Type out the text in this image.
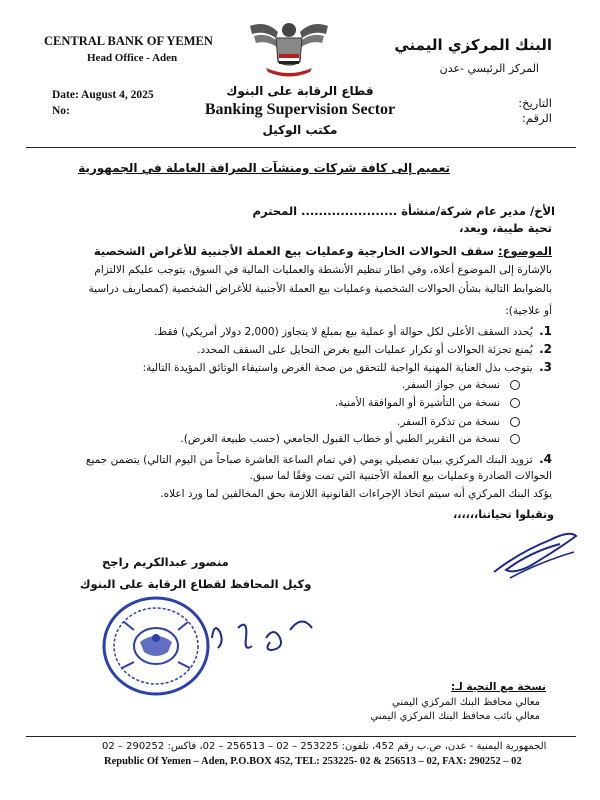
CENTRAL BANK OF YEMEN
Head Office - Aden
البنك المركزي اليمني
المركز الرئيسي -عدن
Date: August 4, 2025
No:
التاريخ:
الرقم:
قطاع الرقابة على البنوك
Banking Supervision Sector
مكتب الوكيل
تعميم إلى كافة شركات ومنشآت الصرافة العاملة في الجمهورية
الأخ/ مدير عام شركة/منشأة ...................... المحترم
تحية طيبة، وبعد،
الموضوع: سقف الحوالات الخارجية وعمليات بيع العملة الأجنبية للأغراض الشخصية
بالإشارة إلى الموضوع أعلاه، وفي اطار تنظيم الأنشطة والعمليات المالية في السوق، يتوجب عليكم الالتزام
بالضوابط التالية بشأن الحوالات الشخصية وعمليات بيع العملة الأجنبية للأغراض الشخصية (كمصاريف دراسية
أو علاجية):
1. يُحدد السقف الأعلى لكل حوالة أو عملية بيع بمبلغ لا يتجاوز (2,000 دولار أمريكي) فقط.
2. يُمنع تجزئة الحوالات أو تكرار عمليات البيع بغرض التحايل على السقف المحدد.
3. يتوجب بذل العناية المهنية الواجبة للتحقق من صحة الغرض واستيفاء الوثائق المؤيدة التالية:
نسخة من جواز السفر.
نسخة من التأشيرة أو الموافقة الأمنية.
نسخة من تذكرة السفر.
نسخة من التقرير الطبي أو خطاب القبول الجامعي (حسب طبيعة الغرض).
4. تزويد البنك المركزي ببيان تفصيلي يومي (في تمام الساعة العاشرة صباحاً من اليوم التالي) يتضمن جميع
الحوالات الصادرة وعمليات بيع العملة الأجنبية التي تمت وفقًا لما سبق.
يؤكد البنك المركزي أنه سيتم اتخاذ الإجراءات القانونية اللازمة بحق المخالفين لما ورد اعلاه.
وتقبلوا تحياتنا،،،،،،
منصور عبدالكريم راجح
وكيل المحافظ لقطاع الرقابة على البنوك
نسخة مع التحية لـ:
معالي محافظ البنك المركزي اليمني
معالي نائب محافظ البنك المركزي اليمني
الجمهورية اليمنية - عدن، ص.ب رقم 452، تلفون: 253225 – 02 – 256513 – 02، فاكس: 290252 – 02
Republic Of Yemen – Aden, P.O.BOX 452, TEL: 253225- 02 & 256513 – 02, FAX: 290252 – 02
